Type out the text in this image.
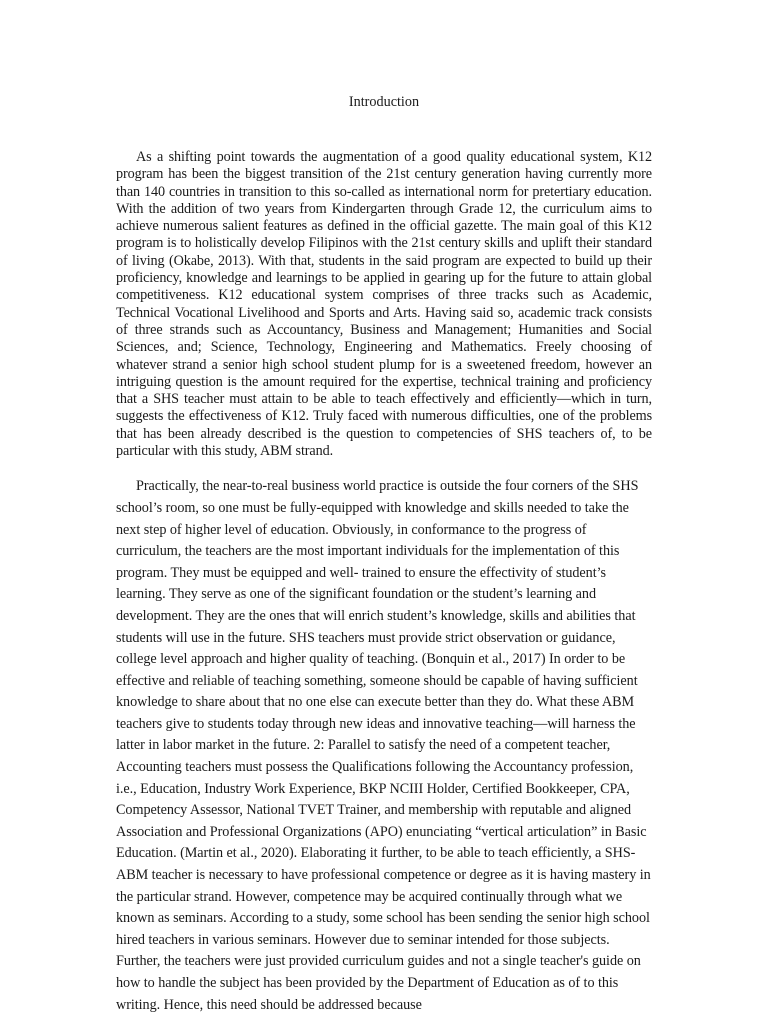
Introduction

As a shifting point towards the augmentation of a good quality educational system, K12 program has been the biggest transition of the 21st century generation having currently more than 140 countries in transition to this so-called as international norm for pretertiary education. With the addition of two years from Kindergarten through Grade 12, the curriculum aims to achieve numerous salient features as defined in the official gazette. The main goal of this K12 program is to holistically develop Filipinos with the 21st century skills and uplift their standard of living (Okabe, 2013). With that, students in the said program are expected to build up their proficiency, knowledge and learnings to be applied in gearing up for the future to attain global competitiveness. K12 educational system comprises of three tracks such as Academic, Technical Vocational Livelihood and Sports and Arts. Having said so, academic track consists of three strands such as Accountancy, Business and Management; Humanities and Social Sciences, and; Science, Technology, Engineering and Mathematics. Freely choosing of whatever strand a senior high school student plump for is a sweetened freedom, however an intriguing question is the amount required for the expertise, technical training and proficiency that a SHS teacher must attain to be able to teach effectively and efficiently—which in turn, suggests the effectiveness of K12. Truly faced with numerous difficulties, one of the problems that has been already described is the question to competencies of SHS teachers of, to be particular with this study, ABM strand.

Practically, the near-to-real business world practice is outside the four corners of the SHS school’s room, so one must be fully-equipped with knowledge and skills needed to take the next step of higher level of education. Obviously, in conformance to the progress of curriculum, the teachers are the most important individuals for the implementation of this program. They must be equipped and well- trained to ensure the effectivity of student’s learning. They serve as one of the significant foundation or the student’s learning and development. They are the ones that will enrich student’s knowledge, skills and abilities that students will use in the future. SHS teachers must provide strict observation or guidance, college level approach and higher quality of teaching. (Bonquin et al., 2017) In order to be effective and reliable of teaching something, someone should be capable of having sufficient knowledge to share about that no one else can execute better than they do. What these ABM teachers give to students today through new ideas and innovative teaching—will harness the latter in labor market in the future. 2: Parallel to satisfy the need of a competent teacher, Accounting teachers must possess the Qualifications following the Accountancy profession, i.e., Education, Industry Work Experience, BKP NCIII Holder, Certified Bookkeeper, CPA, Competency Assessor, National TVET Trainer, and membership with reputable and aligned Association and Professional Organizations (APO) enunciating “vertical articulation” in Basic Education. (Martin et al., 2020). Elaborating it further, to be able to teach efficiently, a SHS-ABM teacher is necessary to have professional competence or degree as it is having mastery in the particular strand. However, competence may be acquired continually through what we known as seminars. According to a study, some school has been sending the senior high school hired teachers in various seminars. However due to seminar intended for those subjects. Further, the teachers were just provided curriculum guides and not a single teacher's guide on how to handle the subject has been provided by the Department of Education as of to this writing. Hence, this need should be addressed because
